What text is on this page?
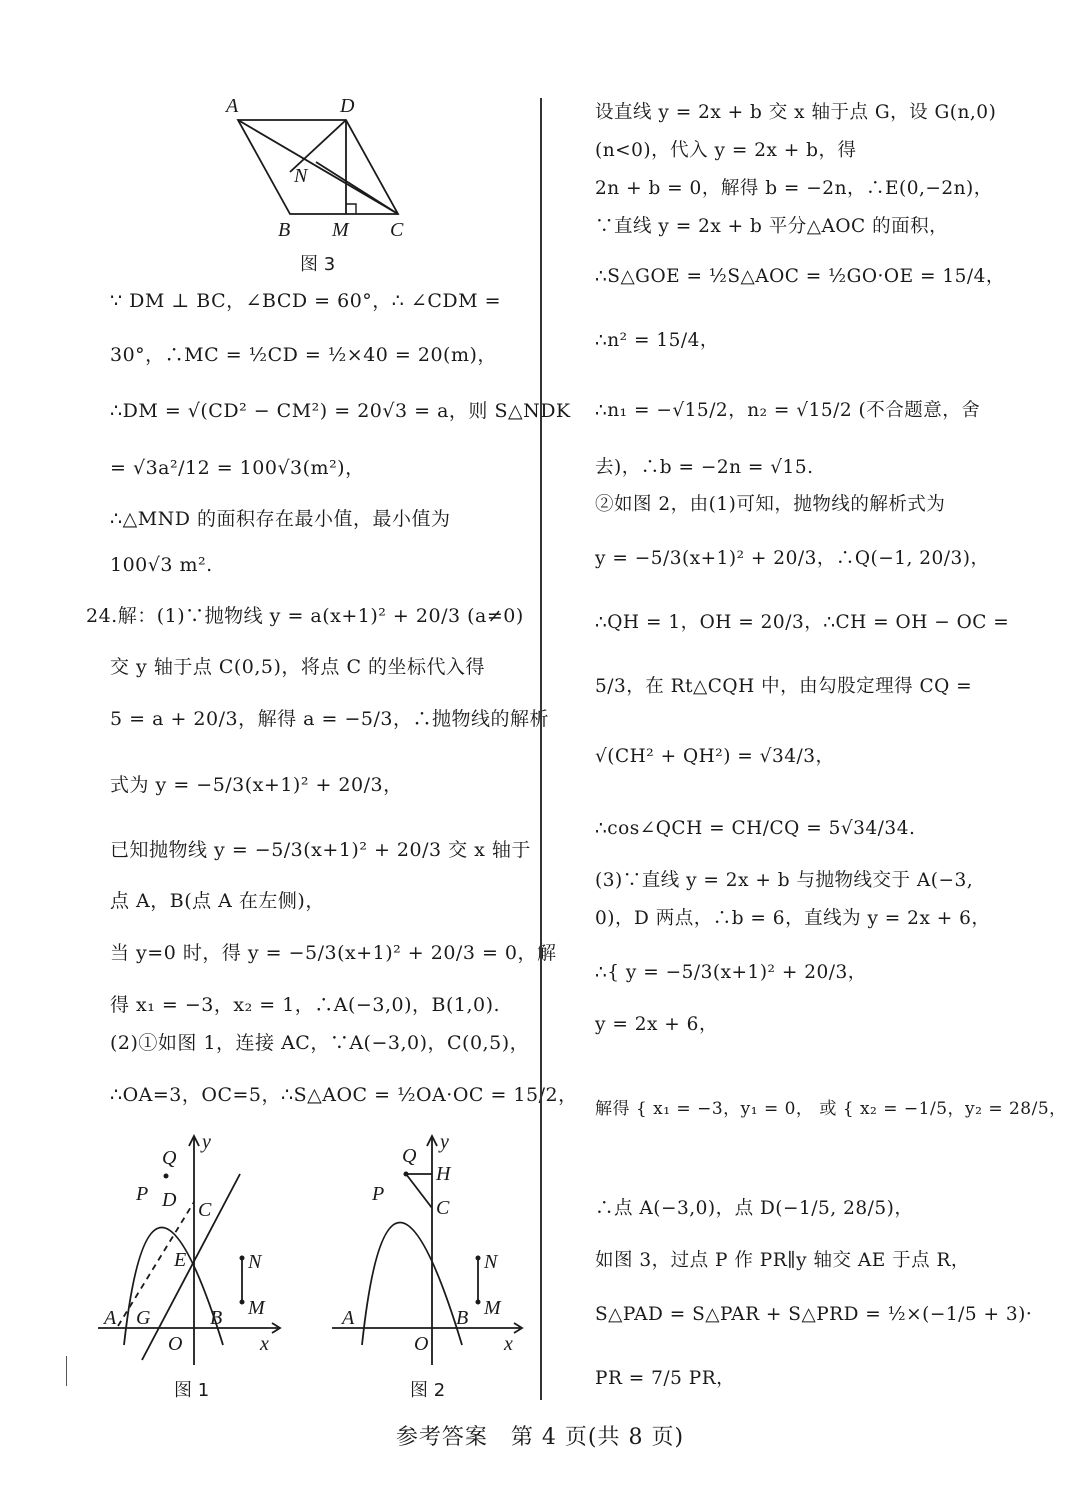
A	D
N
B M C
图 3
∵ DM ⊥ BC，∠BCD = 60°，∴ ∠CDM =
30°，∴MC = ½CD = ½×40 = 20(m)，
∴DM = √(CD² − CM²) = 20√3 = a，则 S△NDK
= √3a²/12 = 100√3(m²)，
∴△MND 的面积存在最小值，最小值为
100√3 m².
24.解：(1)∵抛物线 y = a(x+1)² + 20/3 (a≠0)
交 y 轴于点 C(0,5)，将点 C 的坐标代入得
5 = a + 20/3，解得 a = −5/3，∴抛物线的解析
式为 y = −5/3(x+1)² + 20/3，
已知抛物线 y = −5/3(x+1)² + 20/3 交 x 轴于
点 A，B(点 A 在左侧)，
当 y=0 时，得 y = −5/3(x+1)² + 20/3 = 0，解
得 x₁ = −3，x₂ = 1，∴A(−3,0)，B(1,0).
(2)①如图 1，连接 AC，∵A(−3,0)，C(0,5)，
∴OA=3，OC=5，∴S△AOC = ½OA·OC = 15/2，
Q
y
P D C
E	N
M
A G	B
O	x
图 1
Q
y
H
P
C
N
M
A	B
O	x
图 2
设直线 y = 2x + b 交 x 轴于点 G，设 G(n,0)
(n<0)，代入 y = 2x + b，得
2n + b = 0，解得 b = −2n，∴E(0,−2n)，
∵直线 y = 2x + b 平分△AOC 的面积，
∴S△GOE = ½S△AOC = ½GO·OE = 15/4，
∴n² = 15/4，
∴n₁ = −√15/2，n₂ = √15/2 (不合题意，舍
去)，∴b = −2n = √15.
②如图 2，由(1)可知，抛物线的解析式为
y = −5/3(x+1)² + 20/3，∴Q(−1, 20/3)，
∴QH = 1，OH = 20/3，∴CH = OH − OC =
5/3，在 Rt△CQH 中，由勾股定理得 CQ =
√(CH² + QH²) = √34/3，
∴cos∠QCH = CH/CQ = 5√34/34.
(3)∵直线 y = 2x + b 与抛物线交于 A(−3,
0)，D 两点，∴b = 6，直线为 y = 2x + 6，
∴{ y = −5/3(x+1)² + 20/3，
y = 2x + 6，
解得 { x₁ = −3，y₁ = 0， 或 { x₂ = −1/5，y₂ = 28/5，
∴点 A(−3,0)，点 D(−1/5, 28/5)，
如图 3，过点 P 作 PR∥y 轴交 AE 于点 R，
S△PAD = S△PAR + S△PRD = ½×(−1/5 + 3)·
PR = 7/5 PR，
参考答案　第 4 页(共 8 页)
